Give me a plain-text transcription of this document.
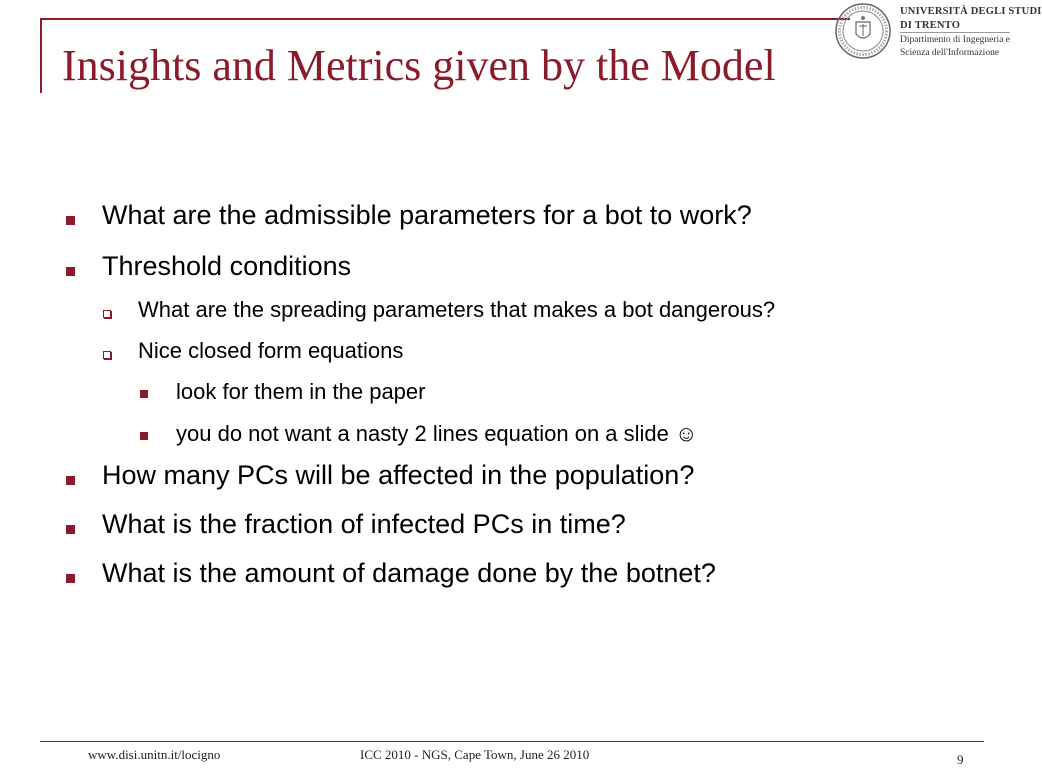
Insights and Metrics given by the Model
UNIVERSITÀ DEGLI STUDI
DI TRENTO
Dipartimento di Ingegneria e
Scienza dell'Informazione
What are the admissible parameters for a bot to work?
Threshold conditions
What are the spreading parameters that makes a bot dangerous?
Nice closed form equations
look for them in the paper
you do not want a nasty 2 lines equation on a slide ☺
How many PCs will be affected in the population?
What is the fraction of infected PCs in time?
What is the amount of damage done by the botnet?
www.disi.unitn.it/locigno	ICC 2010 - NGS, Cape Town, June 26 2010	9
